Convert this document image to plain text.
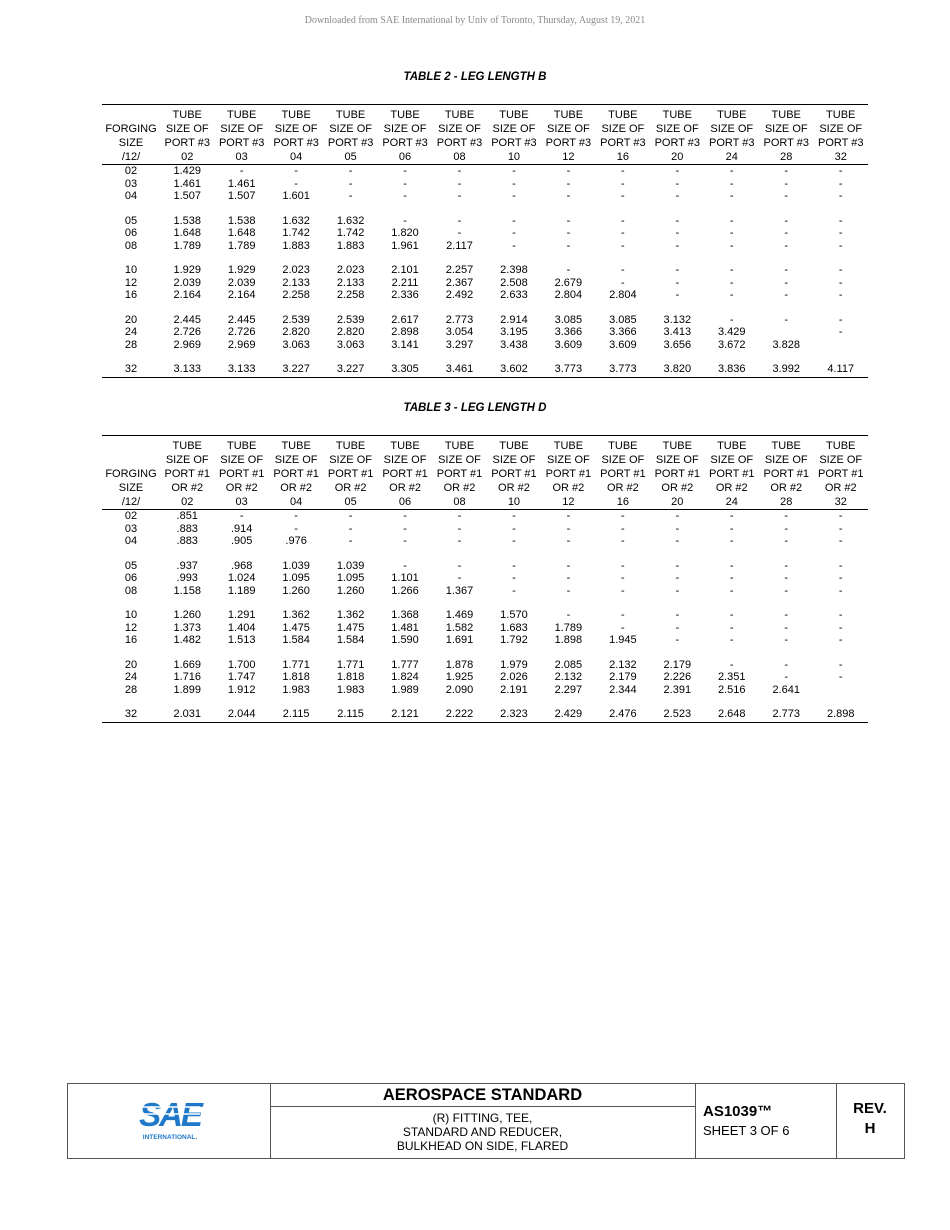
Downloaded from SAE International by Univ of Toronto, Thursday, August 19, 2021
TABLE 2 - LEG LENGTH B
	TUBE	TUBE	TUBE	TUBE	TUBE	TUBE	TUBE	TUBE	TUBE	TUBE	TUBE	TUBE	TUBE
FORGING	SIZE OF	SIZE OF	SIZE OF	SIZE OF	SIZE OF	SIZE OF	SIZE OF	SIZE OF	SIZE OF	SIZE OF	SIZE OF	SIZE OF	SIZE OF
SIZE	PORT #3	PORT #3	PORT #3	PORT #3	PORT #3	PORT #3	PORT #3	PORT #3	PORT #3	PORT #3	PORT #3	PORT #3	PORT #3
/12/	02	03	04	05	06	08	10	12	16	20	24	28	32
02	1.429	-	-	-	-	-	-	-	-	-	-	-	-
03	1.461	1.461	-	-	-	-	-	-	-	-	-	-	-
04	1.507	1.507	1.601	-	-	-	-	-	-	-	-	-	-

05	1.538	1.538	1.632	1.632	-	-	-	-	-	-	-	-	-
06	1.648	1.648	1.742	1.742	1.820	-	-	-	-	-	-	-	-
08	1.789	1.789	1.883	1.883	1.961	2.117	-	-	-	-	-	-	-

10	1.929	1.929	2.023	2.023	2.101	2.257	2.398	-	-	-	-	-	-
12	2.039	2.039	2.133	2.133	2.211	2.367	2.508	2.679	-	-	-	-	-
16	2.164	2.164	2.258	2.258	2.336	2.492	2.633	2.804	2.804	-	-	-	-

20	2.445	2.445	2.539	2.539	2.617	2.773	2.914	3.085	3.085	3.132	-	-	-
24	2.726	2.726	2.820	2.820	2.898	3.054	3.195	3.366	3.366	3.413	3.429		-
28	2.969	2.969	3.063	3.063	3.141	3.297	3.438	3.609	3.609	3.656	3.672	3.828	

32	3.133	3.133	3.227	3.227	3.305	3.461	3.602	3.773	3.773	3.820	3.836	3.992	4.117
TABLE 3 - LEG LENGTH D
	TUBE	TUBE	TUBE	TUBE	TUBE	TUBE	TUBE	TUBE	TUBE	TUBE	TUBE	TUBE	TUBE
	SIZE OF	SIZE OF	SIZE OF	SIZE OF	SIZE OF	SIZE OF	SIZE OF	SIZE OF	SIZE OF	SIZE OF	SIZE OF	SIZE OF	SIZE OF
FORGING	PORT #1	PORT #1	PORT #1	PORT #1	PORT #1	PORT #1	PORT #1	PORT #1	PORT #1	PORT #1	PORT #1	PORT #1	PORT #1
SIZE	OR #2	OR #2	OR #2	OR #2	OR #2	OR #2	OR #2	OR #2	OR #2	OR #2	OR #2	OR #2	OR #2
/12/	02	03	04	05	06	08	10	12	16	20	24	28	32
02	.851	-	-	-	-	-	-	-	-	-	-	-	-
03	.883	.914	-	-	-	-	-	-	-	-	-	-	-
04	.883	.905	.976	-	-	-	-	-	-	-	-	-	-

05	.937	.968	1.039	1.039	-	-	-	-	-	-	-	-	-
06	.993	1.024	1.095	1.095	1.101	-	-	-	-	-	-	-	-
08	1.158	1.189	1.260	1.260	1.266	1.367	-	-	-	-	-	-	-

10	1.260	1.291	1.362	1.362	1.368	1.469	1.570	-	-	-	-	-	-
12	1.373	1.404	1.475	1.475	1.481	1.582	1.683	1.789	-	-	-	-	-
16	1.482	1.513	1.584	1.584	1.590	1.691	1.792	1.898	1.945	-	-	-	-

20	1.669	1.700	1.771	1.771	1.777	1.878	1.979	2.085	2.132	2.179	-	-	-
24	1.716	1.747	1.818	1.818	1.824	1.925	2.026	2.132	2.179	2.226	2.351	-	-
28	1.899	1.912	1.983	1.983	1.989	2.090	2.191	2.297	2.344	2.391	2.516	2.641	

32	2.031	2.044	2.115	2.115	2.121	2.222	2.323	2.429	2.476	2.523	2.648	2.773	2.898
SAE
INTERNATIONAL.
AEROSPACE STANDARD
(R) FITTING, TEE,
STANDARD AND REDUCER,
BULKHEAD ON SIDE, FLARED
AS1039™
SHEET 3 OF 6
REV.
H
